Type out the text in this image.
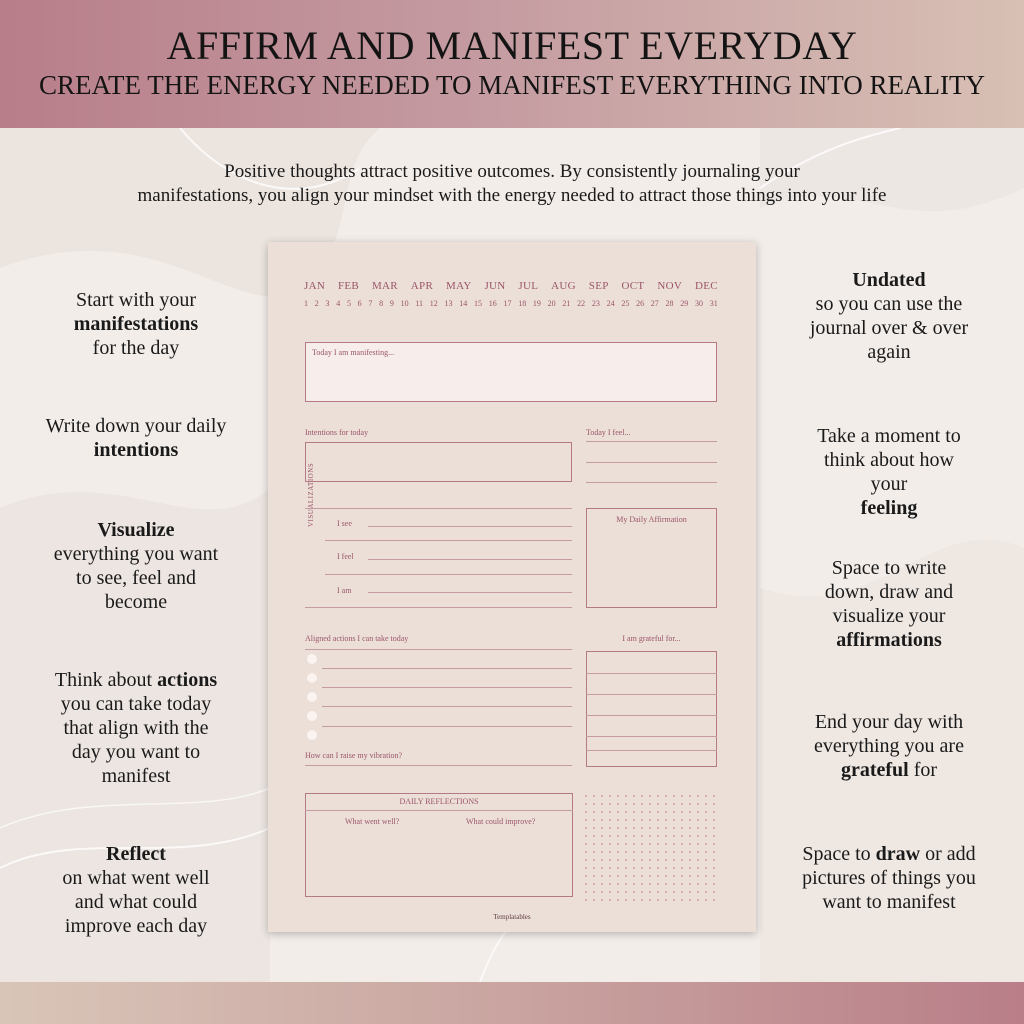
AFFIRM AND MANIFEST EVERYDAY
CREATE THE ENERGY NEEDED TO MANIFEST EVERYTHING INTO REALITY
Positive thoughts attract positive outcomes. By consistently journaling your
manifestations, you align your mindset with the energy needed to attract those things into your life
Start with your
manifestations
for the day
Write down your daily intentions
Visualize
everything you want to see, feel and become
Think about actions
you can take today that align with the day you want to manifest
Reflect
on what went well and what could improve each day
Undated
so you can use the journal over & over again
Take a moment to think about how your
feeling
Space to write down, draw and visualize your
affirmations
End your day with everything you are
grateful for
Space to draw or add pictures of things you want to manifest
JAN FEB MAR APR MAY JUN JUL AUG SEP OCT NOV DEC
1 2 3 4 5 6 7 8 9 10 11 12 13 14 15 16 17 18 19 20 21 22 23 24 25 26 27 28 29 30 31
Today I am manifesting...
Intentions for today	Today I feel...
VISUALIZATIONS	I see
I feel
I am
My Daily Affirmation
Aligned actions I can take today
How can I raise my vibration?
I am grateful for...
DAILY REFLECTIONS
What went well?	What could improve?
Templatables
